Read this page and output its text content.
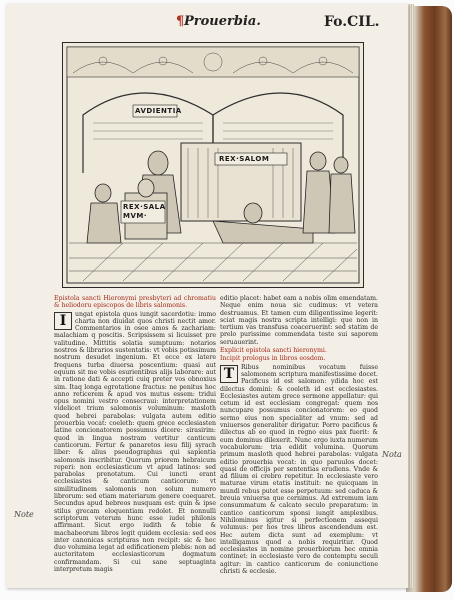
¶ Prouerbia.	Fo.CIL.
AVDIENTIA
REX·SALOM
REX·SALA MVM·
Epistola sancti Hieronymi presbyteri ad chromatiu & heliodoru episcopos de libris salomonis.
I	ungat epistola quos iungit sacerdotiu: immo charta non diuidat quos christi nectit amor. Commentarios in osee amos & zachariam: malachiam q poscitis. Scripsissem si licuisset pre valitudine. Mittitis solatia sumptuum: notarios nostros & librarios sustentatis: vt vobis potissimum nostrum desudet ingenium. Et ecce ex latere frequens turba diuersa poscentium: quasi aut equum sit me vobis esurientibus alijs laborare: aut in ratione dati & accepti cuiq preter vos obnoxius sim. Itaq longa egrotatione fractus: ne penitus hoc anno reticerem & apud vos mutus essem: tridui opus nomini vestro consecraui: interpretationem videlicet trium salomonis voluminum: masloth quod hebrei parabolas: vulgata autem editio prouerbia vocat: coeleth: quem grece ecclesiasten latine concionatorem possumus dicere: sirasirim: quod in lingua nostram vertitur canticum canticorum. Fertur & panaretos iesu filij syrach liber: & alius pseudographus qui sapientia salomonis inscribitur. Quorum priorem hebraicum reperi: non ecclesiasticum vt apud latinos: sed parabolas prenotatum. Cui iuncti erant ecclesiastes & canticum canticorum: vt similitudinem salomonis non solum numero librorum: sed etiam materiarum genere coequaret. Secundus apud hebreos nusquam est: quin & ipse stilus grecam eloquentiam redolet. Et nonnulli scriptorum veterum hunc esse iudei philonis affirmant. Sicut ergo iudith & tobie & machabeorum libros legit quidem ecclesia: sed eos inter canonicas scripturas non recipit: sic & hec duo volumina legat ad edificationem plebis: non ad auctoritatem ecclesiasticorum dogmatum confirmandam. Si cui sane septuaginta interpretum magis
editio placet: habet eam a nobis olim emendatam. Neque enim noua sic cudimus: vt vetera destruamus. Et tamen cum diligentissime legerit: sciat magis nostra scripta intelligi: que non in tertium vas transfusa coaceruerint: sed statim de prelo purissime commendata teste sui saporem seruauerint.
Explicit epistola sancti hieronymi.
Incipit prologus in libros eosdem.
T	Ribus nominibus vocatum fuisse salomonem scriptura manifestissime docet. Pacificus id est salomon: ydida hoc est dilectus domini: & coeleth id est ecclesiastes. Ecclesiastes autem grece sermone appellatur: qui cetum id est ecclesiam congregat: quem nos nuncupare possumus concionatorem: eo quod sermo eius non specialiter ad vnum: sed ad vniuersos generaliter dirigatur. Porro pacificus & dilectus ab eo quod in regno eius pax fuerit: & eum dominus dilexerit. Nunc ergo iuxta numerum vocabulorum: tria edidit volumina. Quorum primum masloth quod hebrei parabolas: vulgata editio prouerbia vocat: in quo paruulos docet: quasi de officijs per sententias erudiens. Vnde & ad filium ei crebro repetitur. In ecclesiaste vero maturae virum etatis instituit: ne quicquam in mundi rebus putet esse perpetuum: sed caduca & breuia vniuersa que cernimus. Ad extremum iam consummatum & calcato seculo preparatum: in cantico canticorum sponsi iungit amplexibus. Nihilominus igitur si perfectionem assequi volumus: per hos tres libros ascendendum est. Hec autem dicta sunt ad exemplum: vt intelligamus quod a nobis requiritur. Quod ecclesiastes in nomine prouerbiorum hec omnia continet: in ecclesiaste vero de contemptu seculi agitur: in cantico canticorum de coniunctione christi & ecclesie.
Note
Nota
